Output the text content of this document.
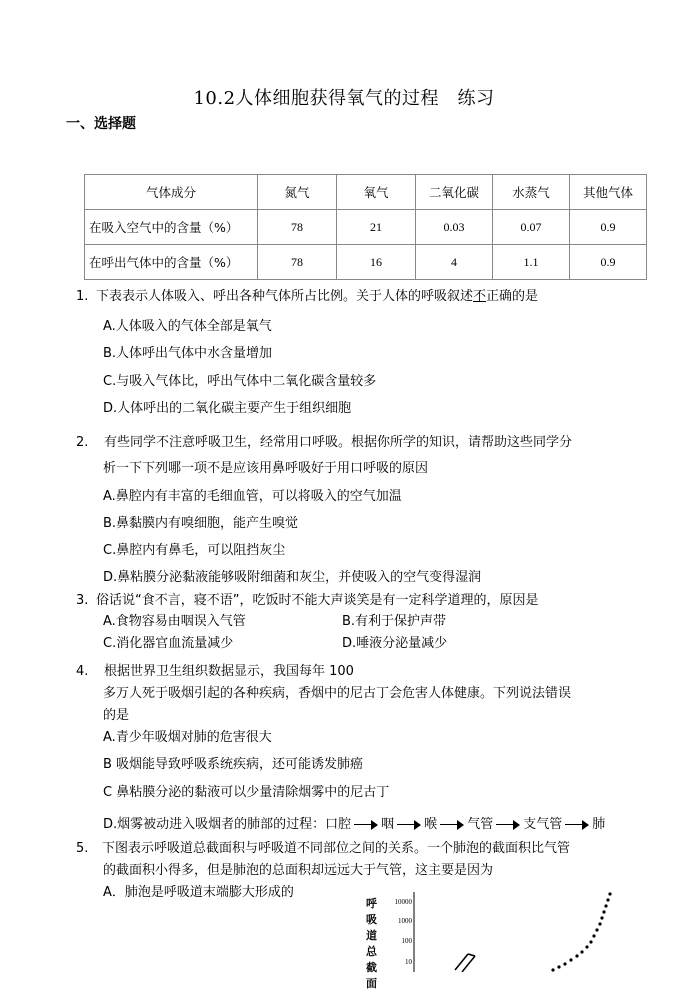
10.2人体细胞获得氧气的过程　练习
一、选择题
气体成分	氮气	氧气	二氧化碳	水蒸气	其他气体
在吸入空气中的含量（%）	78	21	0.03	0.07	0.9
在呼出气体中的含量（%）	78	16	4	1.1	0.9
1. 下表表示人体吸入、呼出各种气体所占比例。关于人体的呼吸叙述不正确的是
A.人体吸入的气体全部是氧气
B.人体呼出气体中水含量增加
C.与吸入气体比，呼出气体中二氧化碳含量较多
D.人体呼出的二氧化碳主要产生于组织细胞
2. 有些同学不注意呼吸卫生，经常用口呼吸。根据你所学的知识，请帮助这些同学分
析一下下列哪一项不是应该用鼻呼吸好于用口呼吸的原因
A.鼻腔内有丰富的毛细血管，可以将吸入的空气加温
B.鼻黏膜内有嗅细胞，能产生嗅觉
C.鼻腔内有鼻毛，可以阻挡灰尘
D.鼻粘膜分泌黏液能够吸附细菌和灰尘，并使吸入的空气变得湿润
3. 俗话说“食不言，寝不语”，吃饭时不能大声谈笑是有一定科学道理的，原因是
A.食物容易由咽误入气管	B.有利于保护声带
C.消化器官血流量减少	D.唾液分泌量减少
4. 根据世界卫生组织数据显示，我国每年 100
多万人死于吸烟引起的各种疾病，香烟中的尼古丁会危害人体健康。下列说法错误
的是
A.青少年吸烟对肺的危害很大
B 吸烟能导致呼吸系统疾病，还可能诱发肺癌
C 鼻粘膜分泌的黏液可以少量清除烟雾中的尼古丁
D.烟雾被动进入吸烟者的肺部的过程：口腔 咽 喉 气管 支气管 肺
5. 下图表示呼吸道总截面积与呼吸道不同部位之间的关系。一个肺泡的截面积比气管
的截面积小得多，但是肺泡的总面积却远远大于气管，这主要是因为
A．肺泡是呼吸道末端膨大形成的
呼吸道总截面
10000
1000
100
10
